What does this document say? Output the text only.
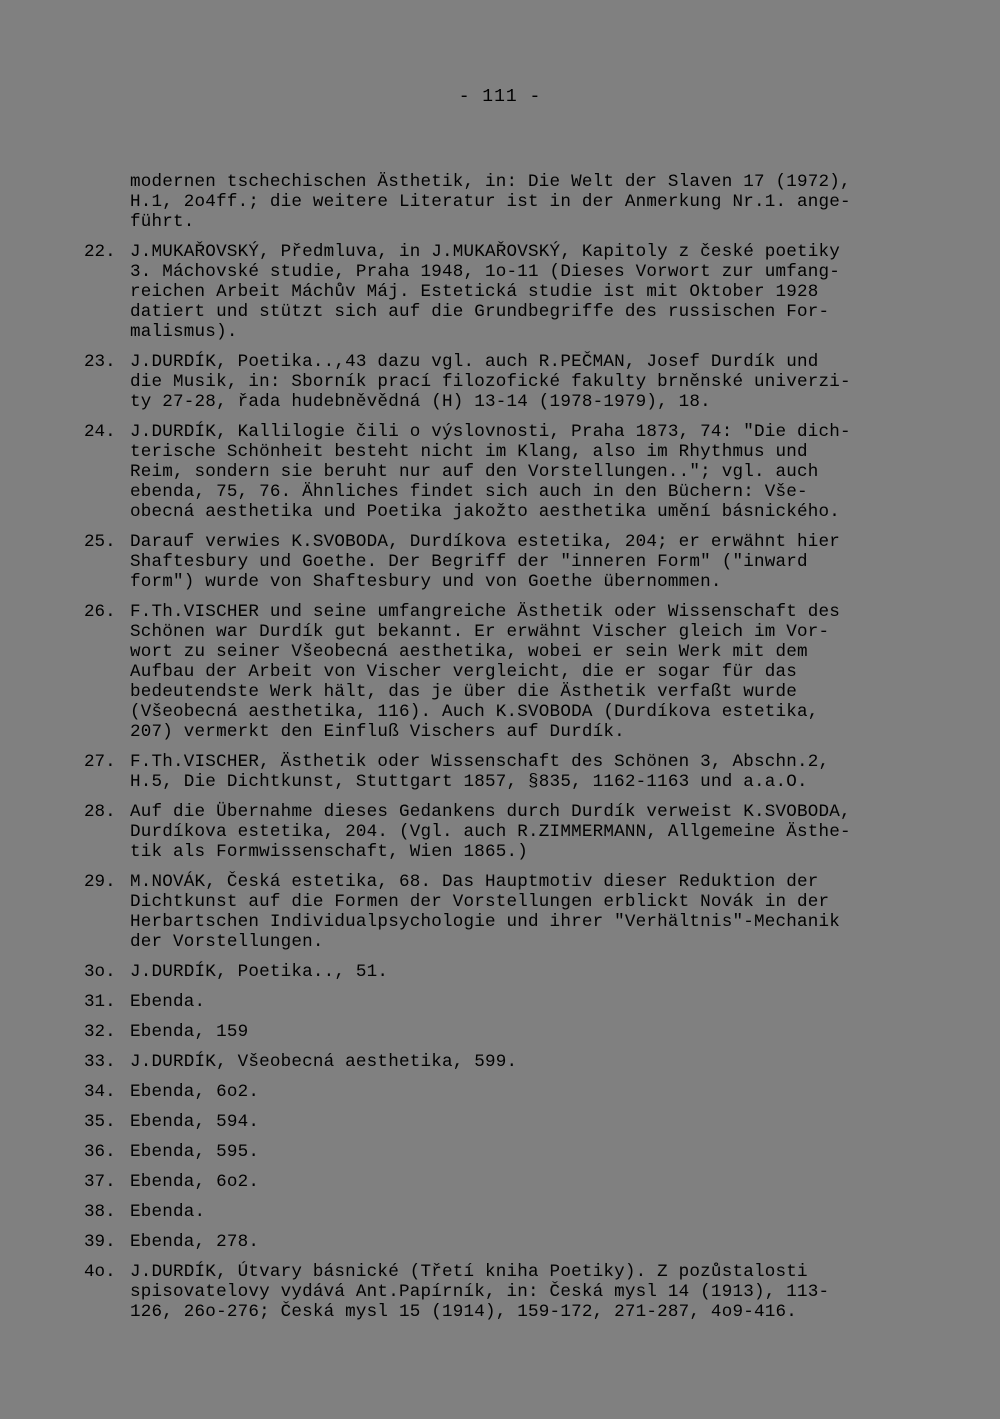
- 111 -
modernen tschechischen Ästhetik, in: Die Welt der Slaven 17 (1972),
H.1, 2o4ff.; die weitere Literatur ist in der Anmerkung Nr.1. ange-
führt.
22. J.MUKAŘOVSKÝ, Předmluva, in J.MUKAŘOVSKÝ, Kapitoly z české poetiky
3. Máchovské studie, Praha 1948, 1o-11 (Dieses Vorwort zur umfang-
reichen Arbeit Máchův Máj. Estetická studie ist mit Oktober 1928
datiert und stützt sich auf die Grundbegriffe des russischen For-
malismus).
23. J.DURDÍK, Poetika..,43 dazu vgl. auch R.PEČMAN, Josef Durdík und
die Musik, in: Sborník prací filozofické fakulty brněnské univerzi-
ty 27-28, řada hudebněvědná (H) 13-14 (1978-1979), 18.
24. J.DURDÍK, Kallilogie čili o výslovnosti, Praha 1873, 74: "Die dich-
terische Schönheit besteht nicht im Klang, also im Rhythmus und
Reim, sondern sie beruht nur auf den Vorstellungen.."; vgl. auch
ebenda, 75, 76. Ähnliches findet sich auch in den Büchern: Vše-
obecná aesthetika und Poetika jakožto aesthetika umění básnického.
25. Darauf verwies K.SVOBODA, Durdíkova estetika, 204; er erwähnt hier
Shaftesbury und Goethe. Der Begriff der "inneren Form" ("inward
form") wurde von Shaftesbury und von Goethe übernommen.
26. F.Th.VISCHER und seine umfangreiche Ästhetik oder Wissenschaft des
Schönen war Durdík gut bekannt. Er erwähnt Vischer gleich im Vor-
wort zu seiner Všeobecná aesthetika, wobei er sein Werk mit dem
Aufbau der Arbeit von Vischer vergleicht, die er sogar für das
bedeutendste Werk hält, das je über die Ästhetik verfaßt wurde
(Všeobecná aesthetika, 116). Auch K.SVOBODA (Durdíkova estetika,
207) vermerkt den Einfluß Vischers auf Durdík.
27. F.Th.VISCHER, Ästhetik oder Wissenschaft des Schönen 3, Abschn.2,
H.5, Die Dichtkunst, Stuttgart 1857, §835, 1162-1163 und a.a.O.
28. Auf die Übernahme dieses Gedankens durch Durdík verweist K.SVOBODA,
Durdíkova estetika, 204. (Vgl. auch R.ZIMMERMANN, Allgemeine Ästhe-
tik als Formwissenschaft, Wien 1865.)
29. M.NOVÁK, Česká estetika, 68. Das Hauptmotiv dieser Reduktion der
Dichtkunst auf die Formen der Vorstellungen erblickt Novák in der
Herbartschen Individualpsychologie und ihrer "Verhältnis"-Mechanik
der Vorstellungen.
3o. J.DURDÍK, Poetika.., 51.
31. Ebenda.
32. Ebenda, 159
33. J.DURDÍK, Všeobecná aesthetika, 599.
34. Ebenda, 6o2.
35. Ebenda, 594.
36. Ebenda, 595.
37. Ebenda, 6o2.
38. Ebenda.
39. Ebenda, 278.
4o. J.DURDÍK, Útvary básnické (Třetí kniha Poetiky). Z pozůstalosti
spisovatelovy vydává Ant.Papírník, in: Česká mysl 14 (1913), 113-
126, 26o-276; Česká mysl 15 (1914), 159-172, 271-287, 4o9-416.
